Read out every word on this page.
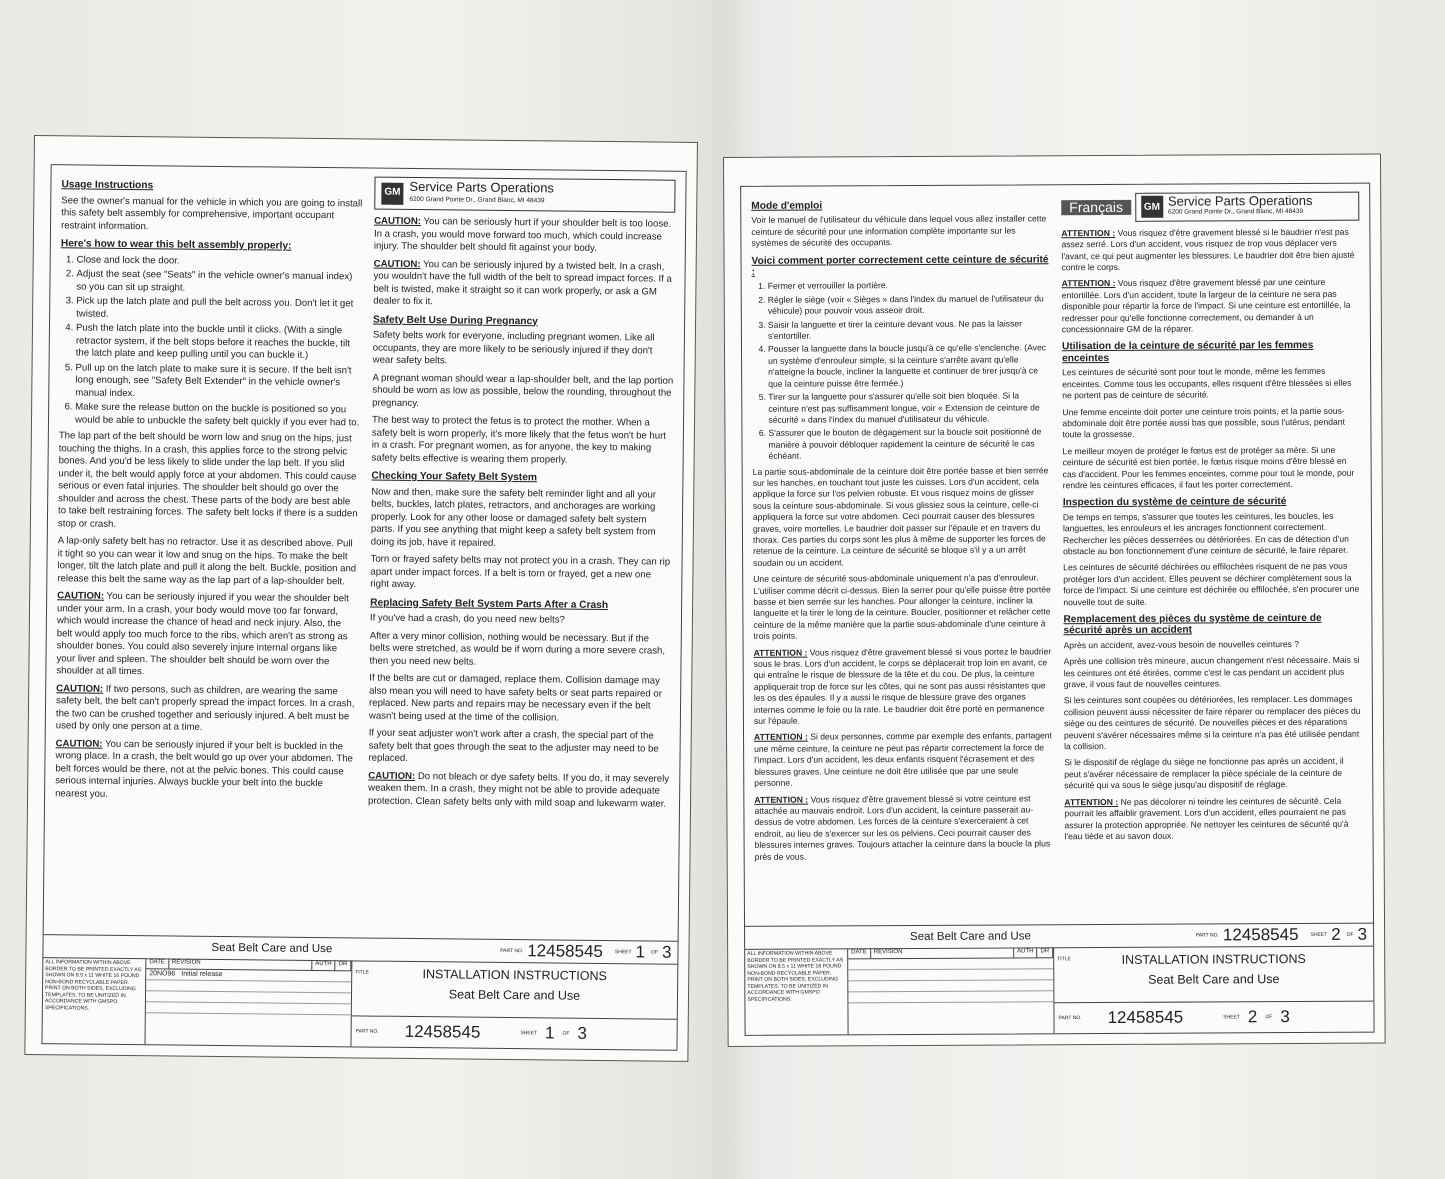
Usage Instructions

See the owner's manual for the vehicle in which you are going to install this safety belt assembly for comprehensive, important occupant restraint information.

Here's how to wear this belt assembly properly:
1. Close and lock the door.
2. Adjust the seat (see "Seats" in the vehicle owner's manual index) so you can sit up straight.
3. Pick up the latch plate and pull the belt across you. Don't let it get twisted.
4. Push the latch plate into the buckle until it clicks. (With a single retractor system, if the belt stops before it reaches the buckle, tilt the latch plate and keep pulling until you can buckle it.)
5. Pull up on the latch plate to make sure it is secure. If the belt isn't long enough, see "Safety Belt Extender" in the vehicle owner's manual index.
6. Make sure the release button on the buckle is positioned so you would be able to unbuckle the safety belt quickly if you ever had to.

The lap part of the belt should be worn low and snug on the hips, just touching the thighs. In a crash, this applies force to the strong pelvic bones. And you'd be less likely to slide under the lap belt. If you slid under it, the belt would apply force at your abdomen. This could cause serious or even fatal injuries. The shoulder belt should go over the shoulder and across the chest. These parts of the body are best able to take belt restraining forces. The safety belt locks if there is a sudden stop or crash.

A lap-only safety belt has no retractor. Use it as described above. Pull it tight so you can wear it low and snug on the hips. To make the belt longer, tilt the latch plate and pull it along the belt. Buckle, position and release this belt the same way as the lap part of a lap-shoulder belt.

CAUTION: You can be seriously injured if you wear the shoulder belt under your arm. In a crash, your body would move too far forward, which would increase the chance of head and neck injury. Also, the belt would apply too much force to the ribs, which aren't as strong as shoulder bones. You could also severely injure internal organs like your liver and spleen. The shoulder belt should be worn over the shoulder at all times.

CAUTION: If two persons, such as children, are wearing the same safety belt, the belt can't properly spread the impact forces. In a crash, the two can be crushed together and seriously injured. A belt must be used by only one person at a time.

CAUTION: You can be seriously injured if your belt is buckled in the wrong place. In a crash, the belt would go up over your abdomen. The belt forces would be there, not at the pelvic bones. This could cause serious internal injuries. Always buckle your belt into the buckle nearest you.

GM Service Parts Operations
6200 Grand Pointe Dr., Grand Blanc, MI 48439

CAUTION: You can be seriously hurt if your shoulder belt is too loose. In a crash, you would move forward too much, which could increase injury. The shoulder belt should fit against your body.

CAUTION: You can be seriously injured by a twisted belt. In a crash, you wouldn't have the full width of the belt to spread impact forces. If a belt is twisted, make it straight so it can work properly, or ask a GM dealer to fix it.

Safety Belt Use During Pregnancy

Safety belts work for everyone, including pregnant women. Like all occupants, they are more likely to be seriously injured if they don't wear safety belts.

A pregnant woman should wear a lap-shoulder belt, and the lap portion should be worn as low as possible, below the rounding, throughout the pregnancy.

The best way to protect the fetus is to protect the mother. When a safety belt is worn properly, it's more likely that the fetus won't be hurt in a crash. For pregnant women, as for anyone, the key to making safety belts effective is wearing them properly.

Checking Your Safety Belt System

Now and then, make sure the safety belt reminder light and all your belts, buckles, latch plates, retractors, and anchorages are working properly. Look for any other loose or damaged safety belt system parts. If you see anything that might keep a safety belt system from doing its job, have it repaired.

Torn or frayed safety belts may not protect you in a crash. They can rip apart under impact forces. If a belt is torn or frayed, get a new one right away.

Replacing Safety Belt System Parts After a Crash

If you've had a crash, do you need new belts?

After a very minor collision, nothing would be necessary. But if the belts were stretched, as would be if worn during a more severe crash, then you need new belts.

If the belts are cut or damaged, replace them. Collision damage may also mean you will need to have safety belts or seat parts repaired or replaced. New parts and repairs may be necessary even if the belt wasn't being used at the time of the collision.

If your seat adjuster won't work after a crash, the special part of the safety belt that goes through the seat to the adjuster may need to be replaced.

CAUTION: Do not bleach or dye safety belts. If you do, it may severely weaken them. In a crash, they might not be able to provide adequate protection. Clean safety belts only with mild soap and lukewarm water.

Seat Belt Care and Use	PART NO. 12458545 SHEET 1 OF 3
ALL INFORMATION WITHIN ABOVE BORDER TO BE PRINTED EXACTLY AS SHOWN ON 8.5 x 11 WHITE 16 POUND NON-BOND RECYCLABLE PAPER. PRINT ON BOTH SIDES, EXCLUDING TEMPLATES. TO BE UNITIZED IN ACCORDANCE WITH GMSPO SPECIFICATIONS.
DATE	REVISION	AUTH	DR
20NO96 Initial release	TITLE	INSTALLATION INSTRUCTIONS
Seat Belt Care and Use
PART NO. 12458545	SHEET 1 OF 3
Mode d'emploi

Voir le manuel de l'utilisateur du véhicule dans lequel vous allez installer cette ceinture de sécurité pour une information complète importante sur les systèmes de sécurité des occupants.

Voici comment porter correctement cette ceinture de sécurité :
1. Fermer et verrouiller la portière.
2. Régler le siège (voir « Sièges » dans l'index du manuel de l'utilisateur du véhicule) pour pouvoir vous asseoir droit.
3. Saisir la languette et tirer la ceinture devant vous. Ne pas la laisser s'entortiller.
4. Pousser la languette dans la boucle jusqu'à ce qu'elle s'enclenche. (Avec un système d'enrouleur simple, si la ceinture s'arrête avant qu'elle n'atteigne la boucle, incliner la languette et continuer de tirer jusqu'à ce que la ceinture puisse être fermée.)
5. Tirer sur la languette pour s'assurer qu'elle soit bien bloquée. Si la ceinture n'est pas suffisamment longue, voir « Extension de ceinture de sécurité » dans l'index du manuel d'utilisateur du véhicule.
6. S'assurer que le bouton de dégagement sur la boucle soit positionné de manière à pouvoir débloquer rapidement la ceinture de sécurité le cas échéant.

La partie sous-abdominale de la ceinture doit être portée basse et bien serrée sur les hanches, en touchant tout juste les cuisses. Lors d'un accident, cela applique la force sur l'os pelvien robuste. Et vous risquez moins de glisser sous la ceinture sous-abdominale. Si vous glissiez sous la ceinture, celle-ci appliquera la force sur votre abdomen. Ceci pourrait causer des blessures graves, voire mortelles. Le baudrier doit passer sur l'épaule et en travers du thorax. Ces parties du corps sont les plus à même de supporter les forces de retenue de la ceinture. La ceinture de sécurité se bloque s'il y a un arrêt soudain ou un accident.

Une ceinture de sécurité sous-abdominale uniquement n'a pas d'enrouleur. L'utiliser comme décrit ci-dessus. Bien la serrer pour qu'elle puisse être portée basse et bien serrée sur les hanches. Pour allonger la ceinture, incliner la languette et la tirer le long de la ceinture. Boucler, positionner et relâcher cette ceinture de la même manière que la partie sous-abdominale d'une ceinture à trois points.

ATTENTION : Vous risquez d'être gravement blessé si vous portez le baudrier sous le bras. Lors d'un accident, le corps se déplacerait trop loin en avant, ce qui entraîne le risque de blessure de la tête et du cou. De plus, la ceinture appliquerait trop de force sur les côtes, qui ne sont pas aussi résistantes que les os des épaules. Il y a aussi le risque de blessure grave des organes internes comme le foie ou la rate. Le baudrier doit être porté en permanence sur l'épaule.

ATTENTION : Si deux personnes, comme par exemple des enfants, partagent une même ceinture, la ceinture ne peut pas répartir correctement la force de l'impact. Lors d'un accident, les deux enfants risquent l'écrasement et des blessures graves. Une ceinture ne doit être utilisée que par une seule personne.

ATTENTION : Vous risquez d'être gravement blessé si votre ceinture est attachée au mauvais endroit. Lors d'un accident, la ceinture passerait au-dessus de votre abdomen. Les forces de la ceinture s'exerceraient à cet endroit, au lieu de s'exercer sur les os pelviens. Ceci pourrait causer des blessures internes graves. Toujours attacher la ceinture dans la boucle la plus près de vous.

Français	GM Service Parts Operations
6200 Grand Pointe Dr., Grand Blanc, MI 48439

ATTENTION : Vous risquez d'être gravement blessé si le baudrier n'est pas assez serré. Lors d'un accident, vous risquez de trop vous déplacer vers l'avant, ce qui peut augmenter les blessures. Le baudrier doit être bien ajusté contre le corps.

ATTENTION : Vous risquez d'être gravement blessé par une ceinture entortillée. Lors d'un accident, toute la largeur de la ceinture ne sera pas disponible pour répartir la force de l'impact. Si une ceinture est entortillée, la redresser pour qu'elle fonctionne correctement, ou demander à un concessionnaire GM de la réparer.

Utilisation de la ceinture de sécurité par les femmes enceintes

Les ceintures de sécurité sont pour tout le monde, même les femmes enceintes. Comme tous les occupants, elles risquent d'être blessées si elles ne portent pas de ceinture de sécurité.

Une femme enceinte doit porter une ceinture trois points, et la partie sous-abdominale doit être portée aussi bas que possible, sous l'utérus, pendant toute la grossesse.

Le meilleur moyen de protéger le fœtus est de protéger sa mère. Si une ceinture de sécurité est bien portée, le fœtus risque moins d'être blessé en cas d'accident. Pour les femmes enceintes, comme pour tout le monde, pour rendre les ceintures efficaces, il faut les porter correctement.

Inspection du système de ceinture de sécurité

De temps en temps, s'assurer que toutes les ceintures, les boucles, les languettes, les enrouleurs et les ancrages fonctionnent correctement. Rechercher les pièces desserrées ou détériorées. En cas de détection d'un obstacle au bon fonctionnement d'une ceinture de sécurité, le faire réparer.

Les ceintures de sécurité déchirées ou effilochées risquent de ne pas vous protéger lors d'un accident. Elles peuvent se déchirer complètement sous la force de l'impact. Si une ceinture est déchirée ou effilochée, s'en procurer une nouvelle tout de suite.

Remplacement des pièces du système de ceinture de sécurité après un accident

Après un accident, avez-vous besoin de nouvelles ceintures ?

Après une collision très mineure, aucun changement n'est nécessaire. Mais si les ceintures ont été étirées, comme c'est le cas pendant un accident plus grave, il vous faut de nouvelles ceintures.

Si les ceintures sont coupées ou détériorées, les remplacer. Les dommages collision peuvent aussi nécessiter de faire réparer ou remplacer des pièces du siège ou des ceintures de sécurité. De nouvelles pièces et des réparations peuvent s'avérer nécessaires même si la ceinture n'a pas été utilisée pendant la collision.

Si le dispositif de réglage du siège ne fonctionne pas après un accident, il peut s'avérer nécessaire de remplacer la pièce spéciale de la ceinture de sécurité qui va sous le siège jusqu'au dispositif de réglage.

ATTENTION : Ne pas décolorer ni teindre les ceintures de sécurité. Cela pourrait les affaiblir gravement. Lors d'un accident, elles pourraient ne pas assurer la protection appropriée. Ne nettoyer les ceintures de sécurité qu'à l'eau tiède et au savon doux.

Seat Belt Care and Use	PART NO. 12458545 SHEET 2 OF 3
ALL INFORMATION WITHIN ABOVE BORDER TO BE PRINTED EXACTLY AS SHOWN ON 8.5 x 11 WHITE 16 POUND NON-BOND RECYCLABLE PAPER. PRINT ON BOTH SIDES, EXCLUDING TEMPLATES. TO BE UNITIZED IN ACCORDANCE WITH GMSPO SPECIFICATIONS.
DATE	REVISION	AUTH	DR
TITLE	INSTALLATION INSTRUCTIONS
Seat Belt Care and Use
PART NO. 12458545	SHEET 2 OF 3
